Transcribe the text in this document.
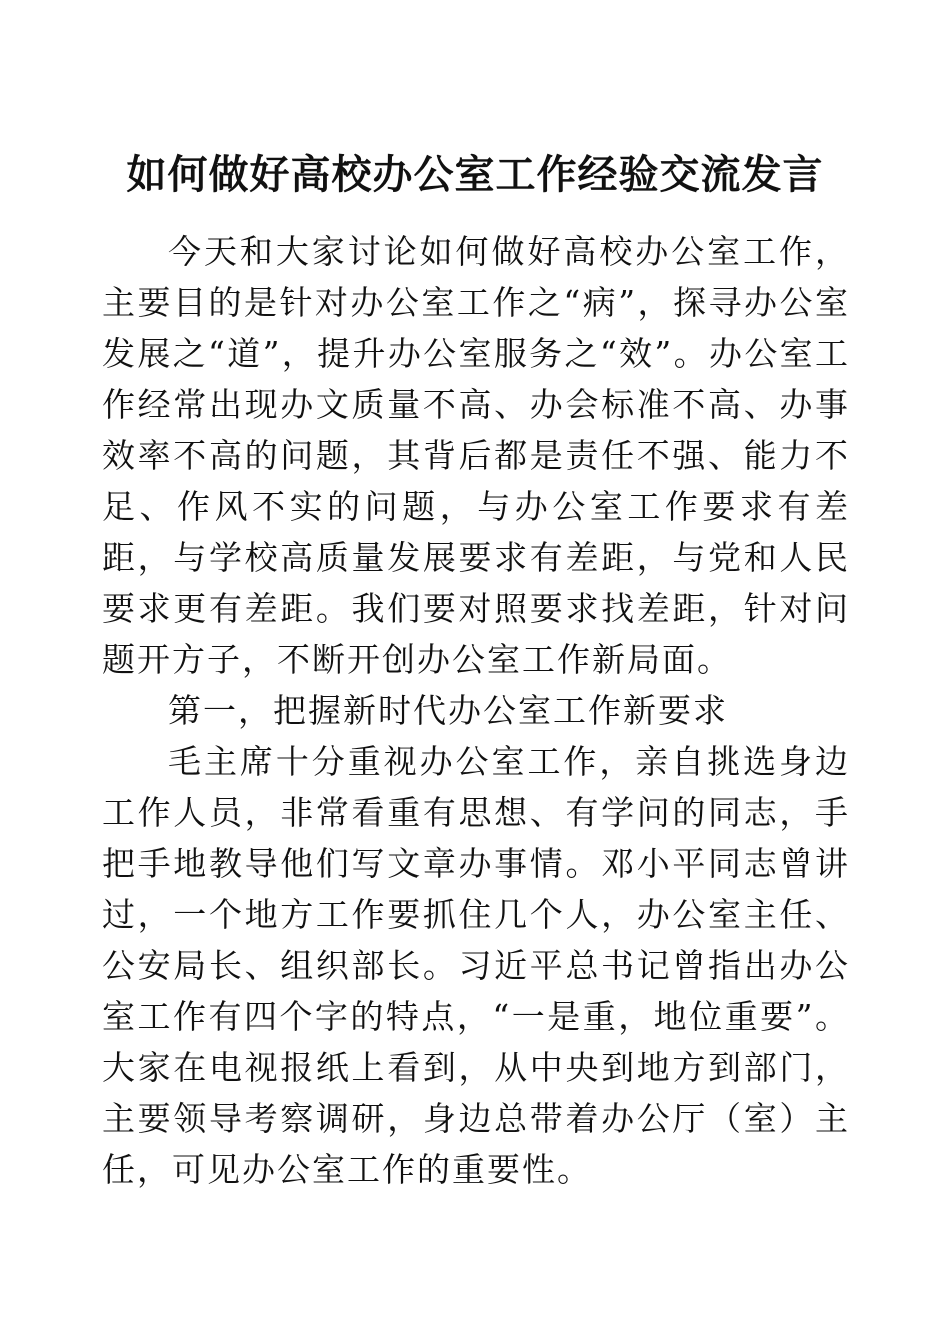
如何做好高校办公室工作经验交流发言

今天和大家讨论如何做好高校办公室工作，主要目的是针对办公室工作之“病”，探寻办公室发展之“道”，提升办公室服务之“效”。办公室工作经常出现办文质量不高、办会标准不高、办事效率不高的问题，其背后都是责任不强、能力不足、作风不实的问题，与办公室工作要求有差距，与学校高质量发展要求有差距，与党和人民要求更有差距。我们要对照要求找差距，针对问题开方子，不断开创办公室工作新局面。

第一，把握新时代办公室工作新要求

毛主席十分重视办公室工作，亲自挑选身边工作人员，非常看重有思想、有学问的同志，手把手地教导他们写文章办事情。邓小平同志曾讲过，一个地方工作要抓住几个人，办公室主任、公安局长、组织部长。习近平总书记曾指出办公室工作有四个字的特点，“一是重，地位重要”。大家在电视报纸上看到，从中央到地方到部门，主要领导考察调研，身边总带着办公厅（室）主任，可见办公室工作的重要性。
